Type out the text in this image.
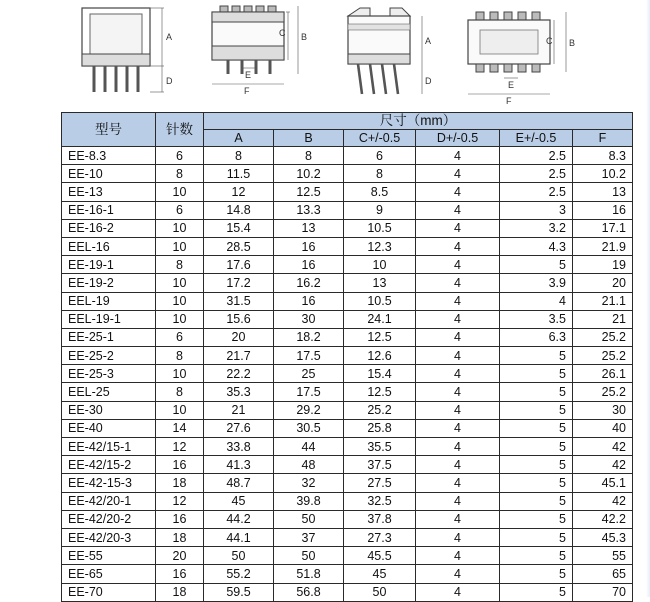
A
D
E
F
C B	A
D	E
F
C B
型号	针数	尺寸（mm）					
		A	B	C+/-0.5	D+/-0.5	E+/-0.5	F
EE-8.3	6	8	8	6	4	2.5	8.3
EE-10	8	11.5	10.2	8	4	2.5	10.2
EE-13	10	12	12.5	8.5	4	2.5	13
EE-16-1	6	14.8	13.3	9	4	3	16
EE-16-2	10	15.4	13	10.5	4	3.2	17.1
EEL-16	10	28.5	16	12.3	4	4.3	21.9
EE-19-1	8	17.6	16	10	4	5	19
EE-19-2	10	17.2	16.2	13	4	3.9	20
EEL-19	10	31.5	16	10.5	4	4	21.1
EEL-19-1	10	15.6	30	24.1	4	3.5	21
EE-25-1	6	20	18.2	12.5	4	6.3	25.2
EE-25-2	8	21.7	17.5	12.6	4	5	25.2
EE-25-3	10	22.2	25	15.4	4	5	26.1
EEL-25	8	35.3	17.5	12.5	4	5	25.2
EE-30	10	21	29.2	25.2	4	5	30
EE-40	14	27.6	30.5	25.8	4	5	40
EE-42/15-1	12	33.8	44	35.5	4	5	42
EE-42/15-2	16	41.3	48	37.5	4	5	42
EE-42-15-3	18	48.7	32	27.5	4	5	45.1
EE-42/20-1	12	45	39.8	32.5	4	5	42
EE-42/20-2	16	44.2	50	37.8	4	5	42.2
EE-42/20-3	18	44.1	37	27.3	4	5	45.3
EE-55	20	50	50	45.5	4	5	55
EE-65	16	55.2	51.8	45	4	5	65
EE-70	18	59.5	56.8	50	4	5	70
